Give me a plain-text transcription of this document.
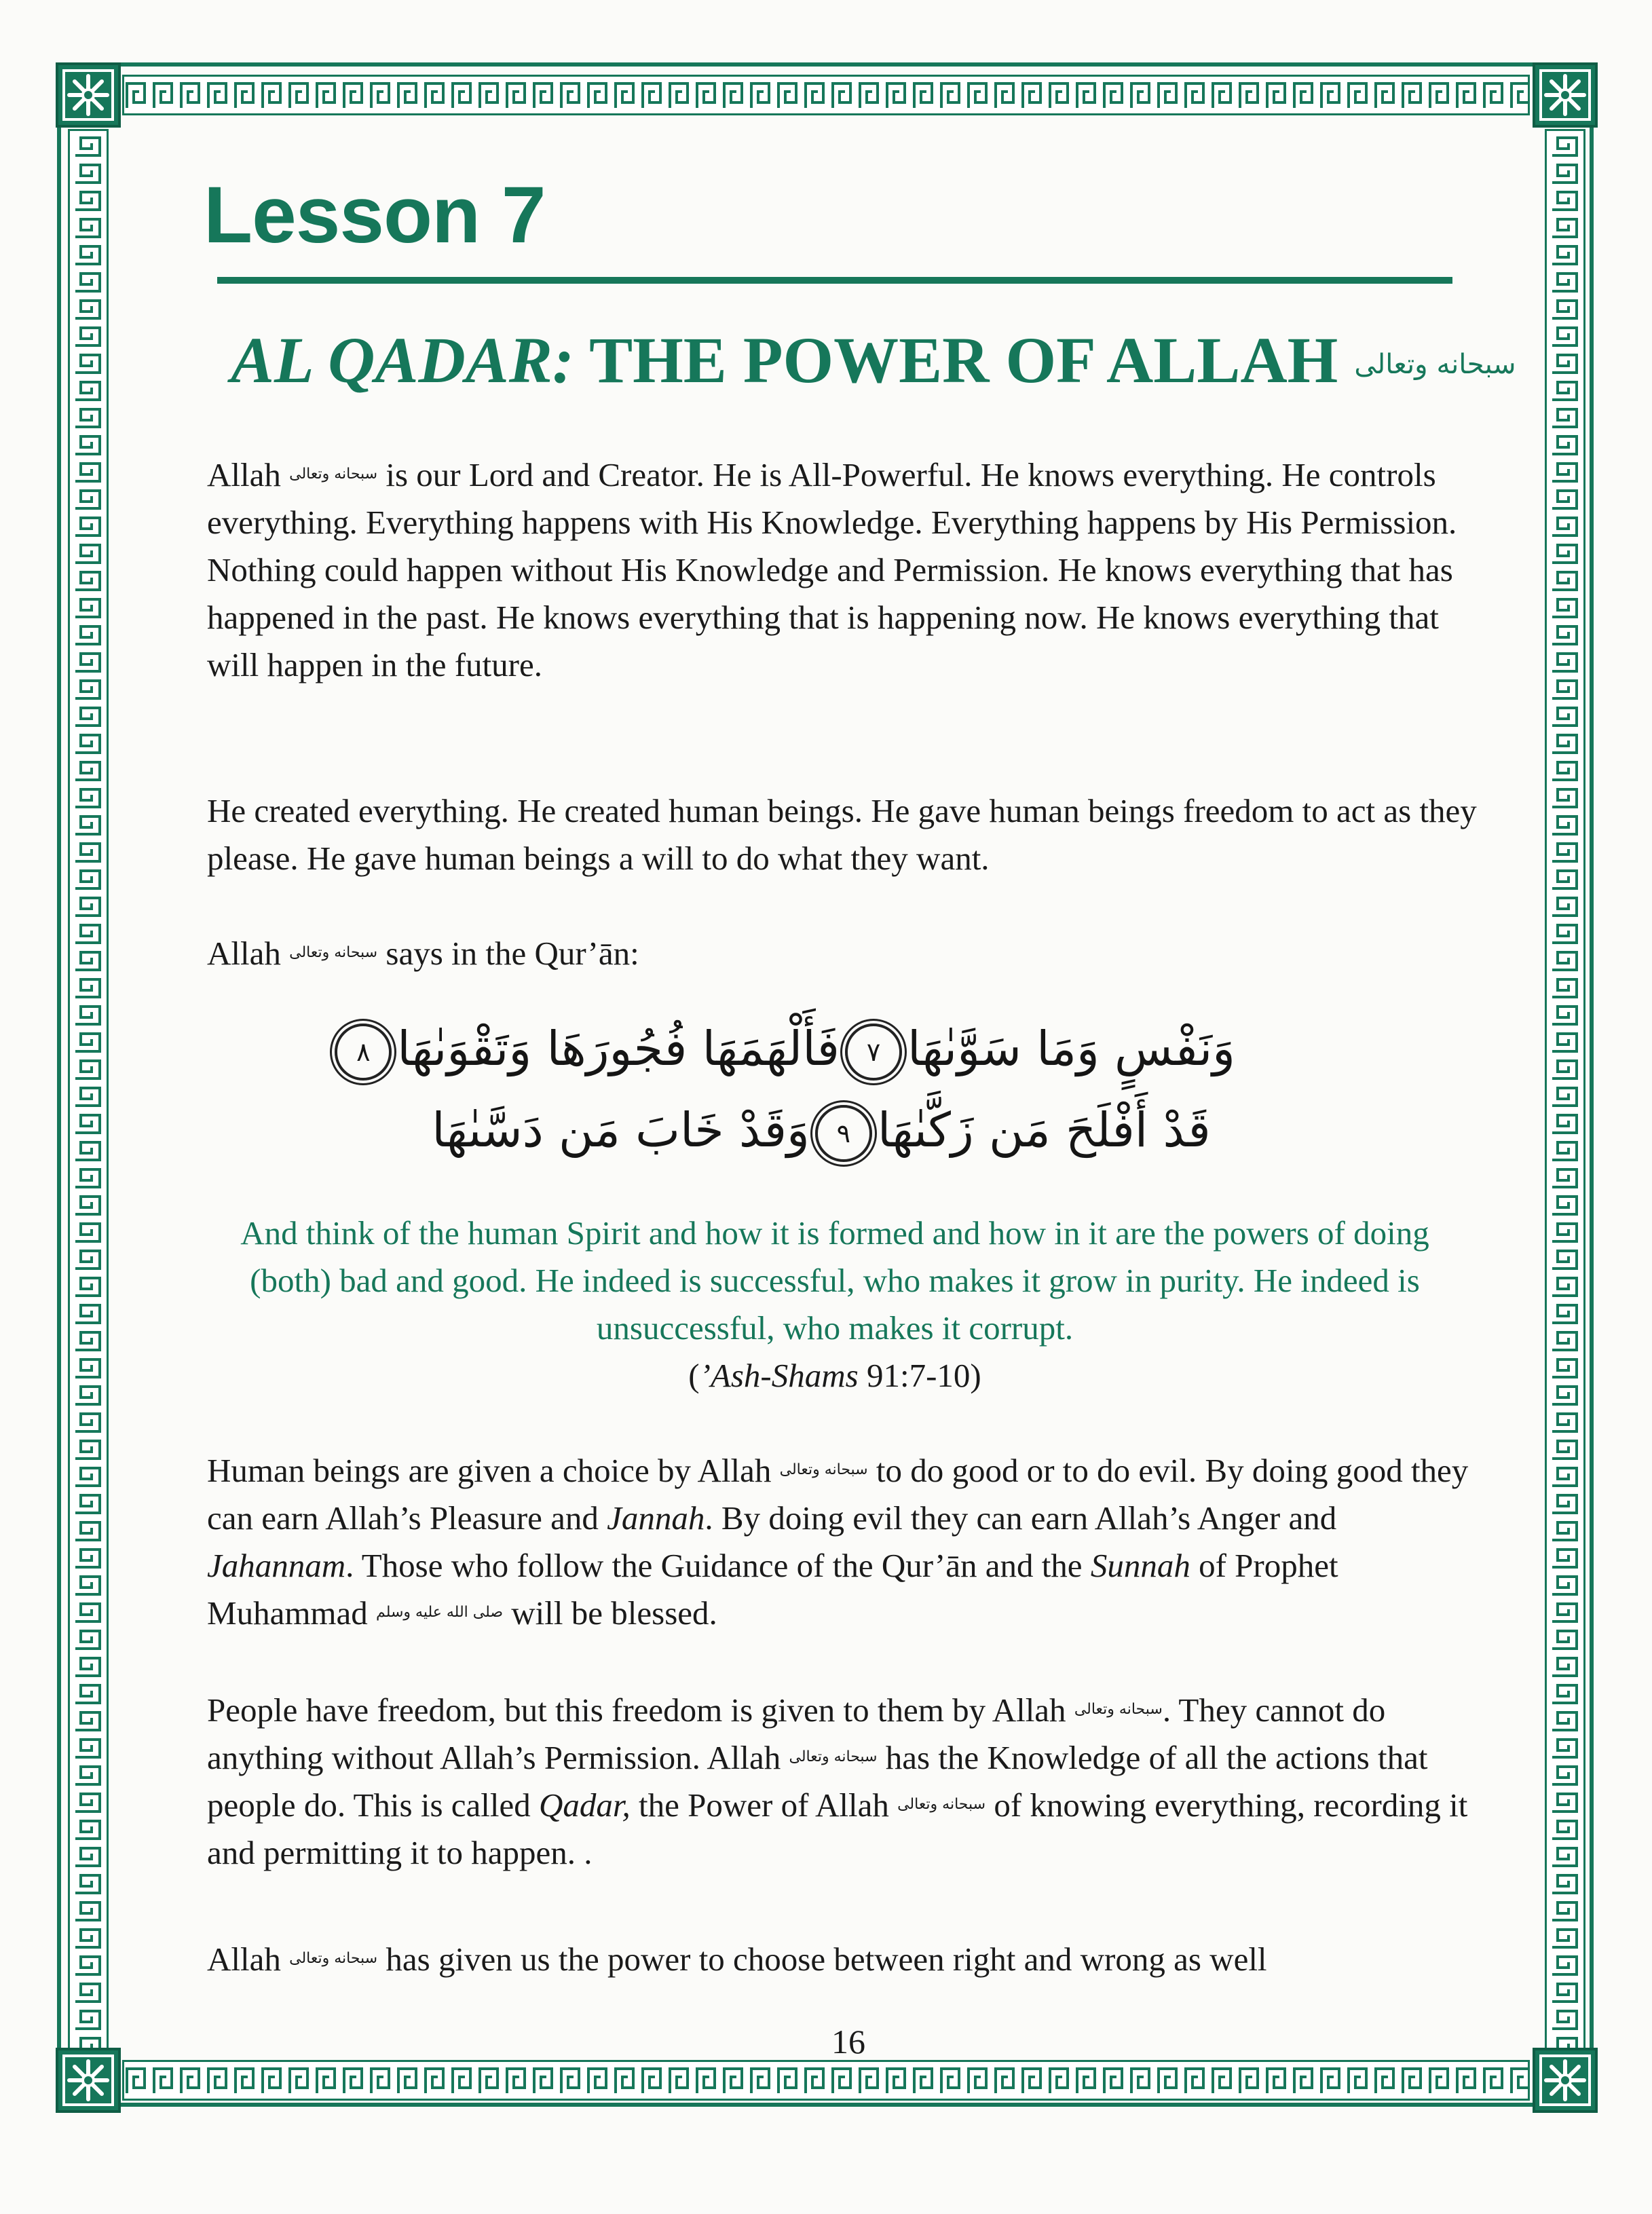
Lesson 7
AL QADAR: THE POWER OF ALLAH سبحانه وتعالى

Allah سبحانه وتعالى is our Lord and Creator. He is All-Powerful. He knows everything. He controls everything. Everything happens with His Knowledge. Everything happens by His Permission. Nothing could happen without His Knowledge and Permission. He knows everything that has happened in the past. He knows everything that is happening now. He knows everything that will happen in the future.

He created everything. He created human beings. He gave human beings freedom to act as they please. He gave human beings a will to do what they want.

Allah سبحانه وتعالى says in the Qur’ān:

وَنَفْسٍ وَمَا سَوَّىٰهَا٧فَأَلْهَمَهَا فُجُورَهَا وَتَقْوَىٰهَا٨

قَدْ أَفْلَحَ مَن زَكَّىٰهَا٩وَقَدْ خَابَ مَن دَسَّىٰهَا

And think of the human Spirit and how it is formed and how in it are the powers of doing (both) bad and good. He indeed is successful, who makes it grow in purity. He indeed is unsuccessful, who makes it corrupt.

(’Ash-Shams 91:7-10)

Human beings are given a choice by Allah سبحانه وتعالى to do good or to do evil. By doing good they can earn Allah’s Pleasure and Jannah. By doing evil they can earn Allah’s Anger and Jahannam. Those who follow the Guidance of the Qur’ān and the Sunnah of Prophet Muhammad صلى الله عليه وسلم will be blessed.

People have freedom, but this freedom is given to them by Allah سبحانه وتعالى. They cannot do anything without Allah’s Permission. Allah سبحانه وتعالى has the Knowledge of all the actions that people do. This is called Qadar, the Power of Allah سبحانه وتعالى of knowing everything, recording it and permitting it to happen. .

Allah سبحانه وتعالى has given us the power to choose between right and wrong as well

16
